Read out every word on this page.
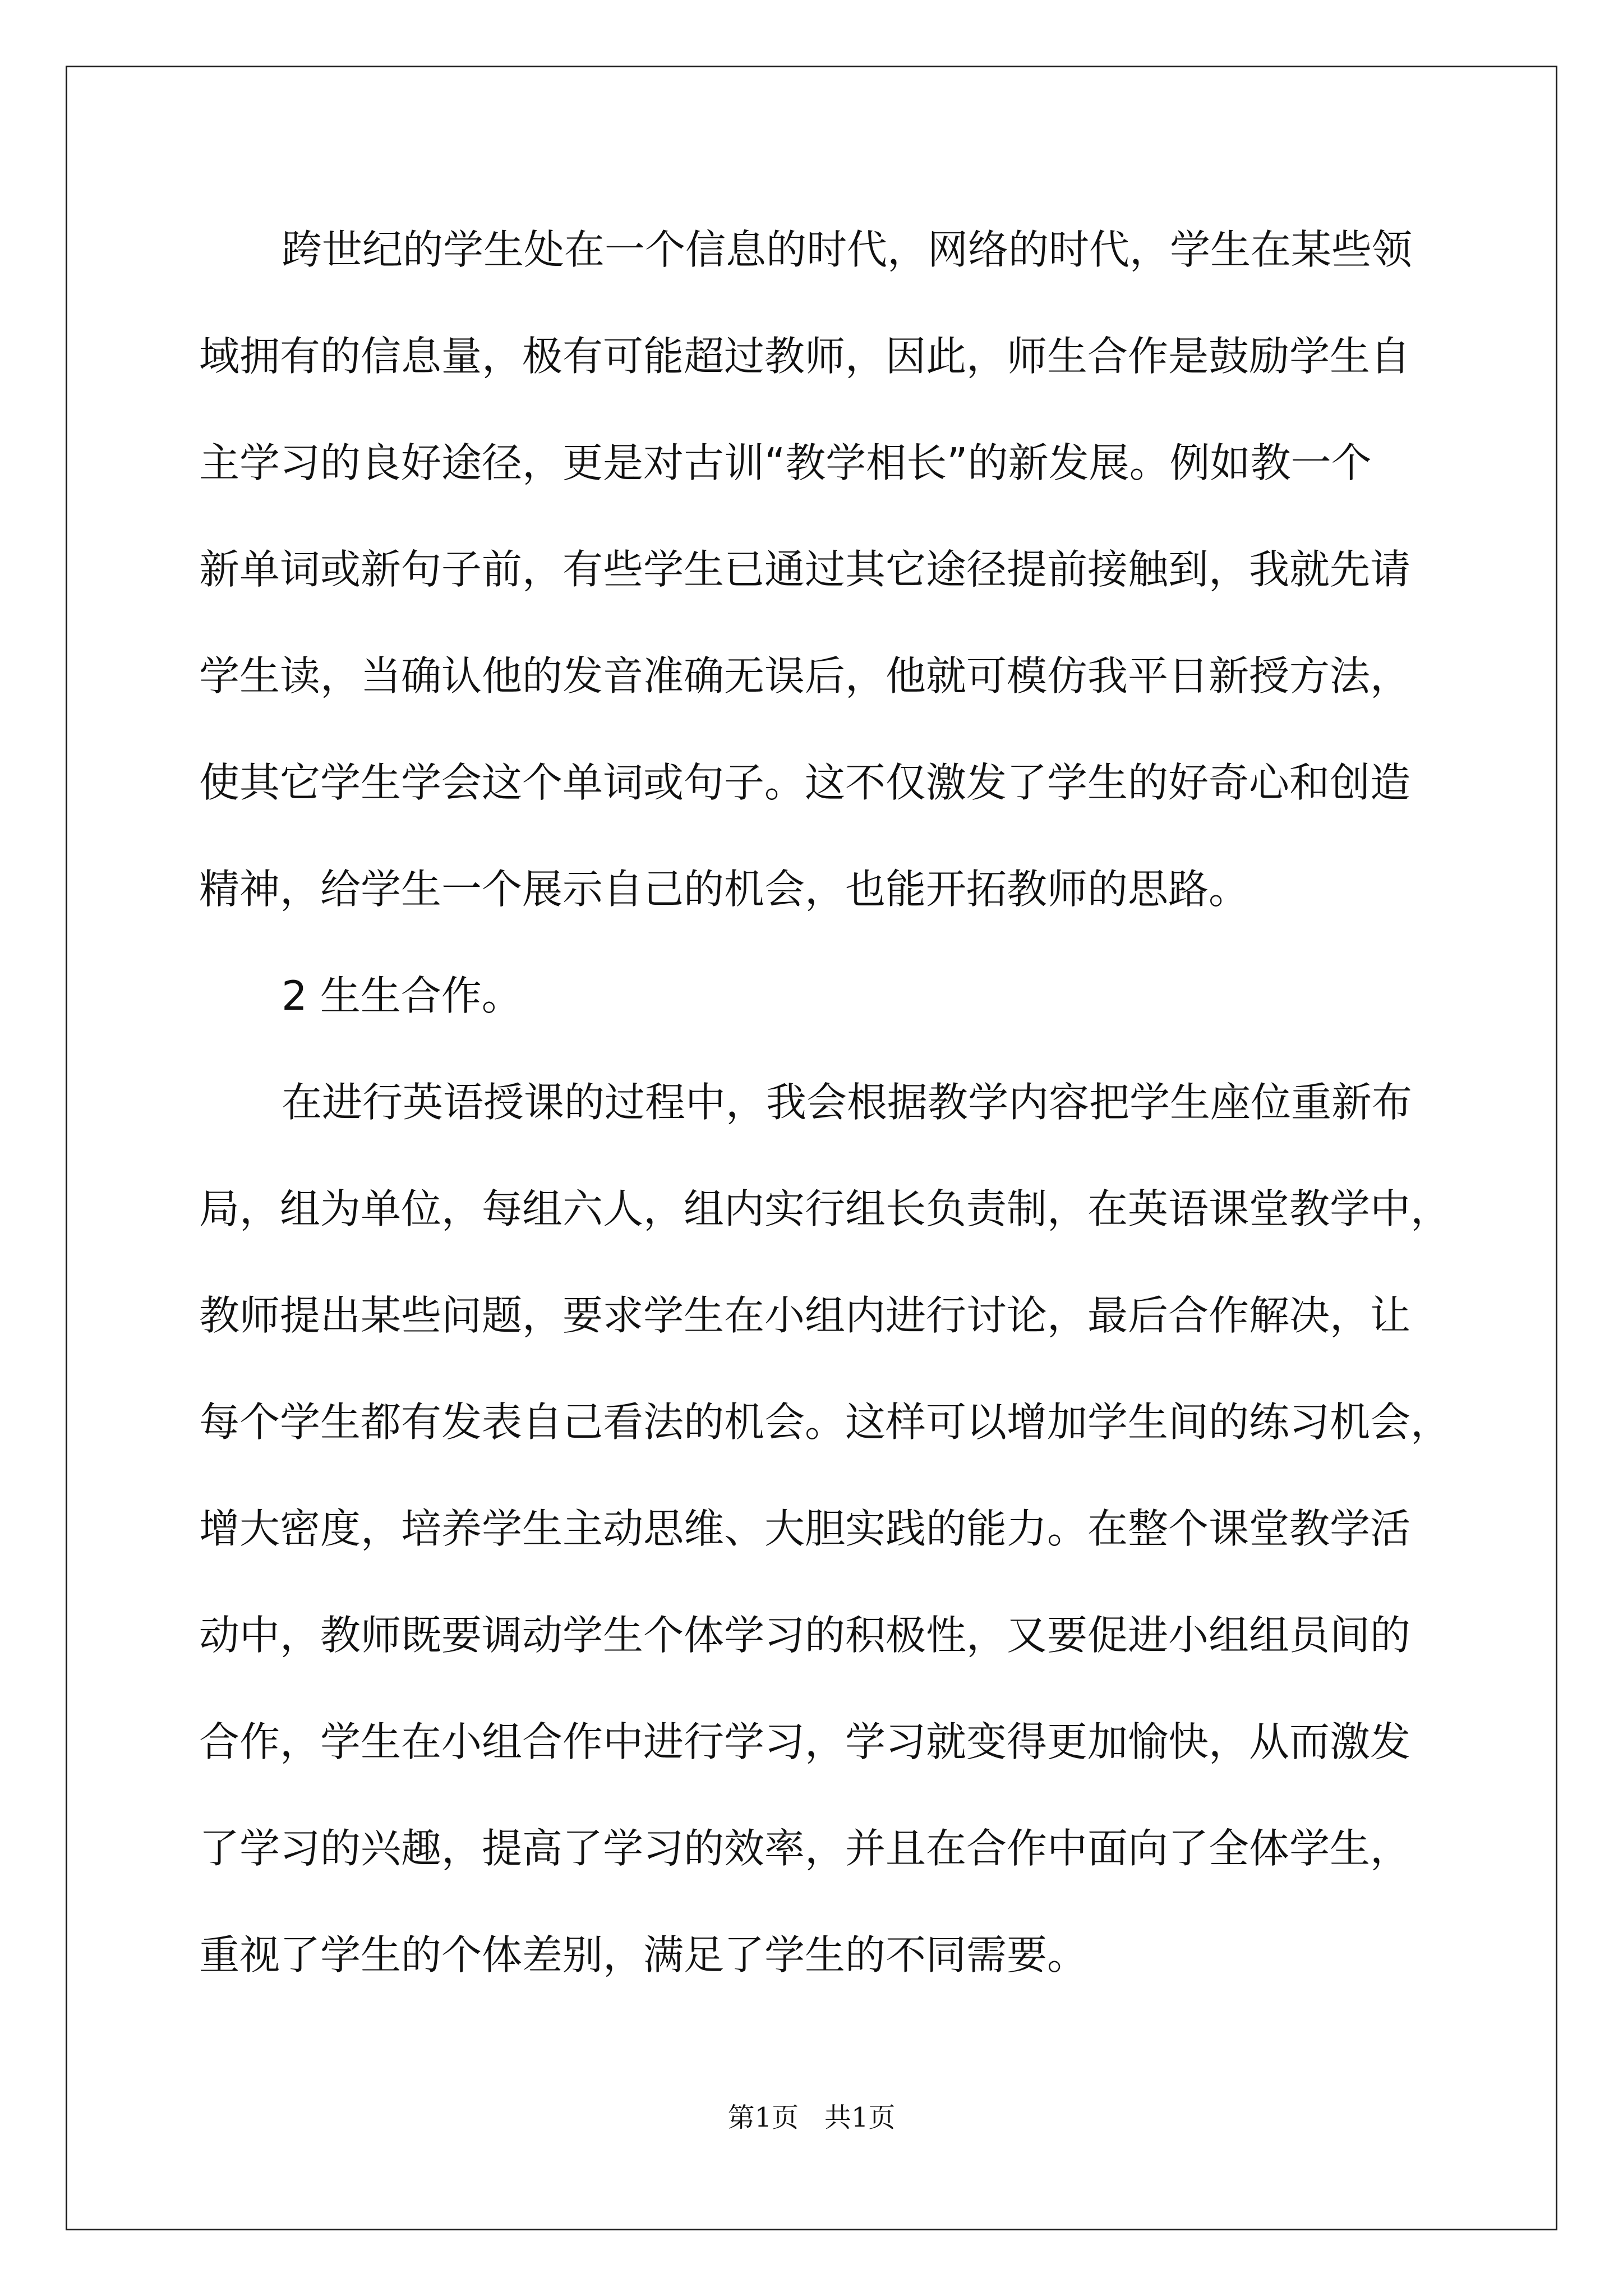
跨世纪的学生处在一个信息的时代，网络的时代，学生在某些领

域拥有的信息量，极有可能超过教师，因此，师生合作是鼓励学生自

主学习的良好途径，更是对古训“教学相长”的新发展。例如教一个

新单词或新句子前，有些学生已通过其它途径提前接触到，我就先请

学生读，当确认他的发音准确无误后，他就可模仿我平日新授方法，

使其它学生学会这个单词或句子。这不仅激发了学生的好奇心和创造

精神，给学生一个展示自己的机会，也能开拓教师的思路。

2 生生合作。

在进行英语授课的过程中，我会根据教学内容把学生座位重新布

局，组为单位，每组六人，组内实行组长负责制，在英语课堂教学中，

教师提出某些问题，要求学生在小组内进行讨论，最后合作解决，让

每个学生都有发表自己看法的机会。这样可以增加学生间的练习机会，

增大密度，培养学生主动思维、大胆实践的能力。在整个课堂教学活

动中，教师既要调动学生个体学习的积极性，又要促进小组组员间的

合作，学生在小组合作中进行学习，学习就变得更加愉快，从而激发

了学习的兴趣，提高了学习的效率，并且在合作中面向了全体学生，

重视了学生的个体差别，满足了学生的不同需要。

第1页   共1页
